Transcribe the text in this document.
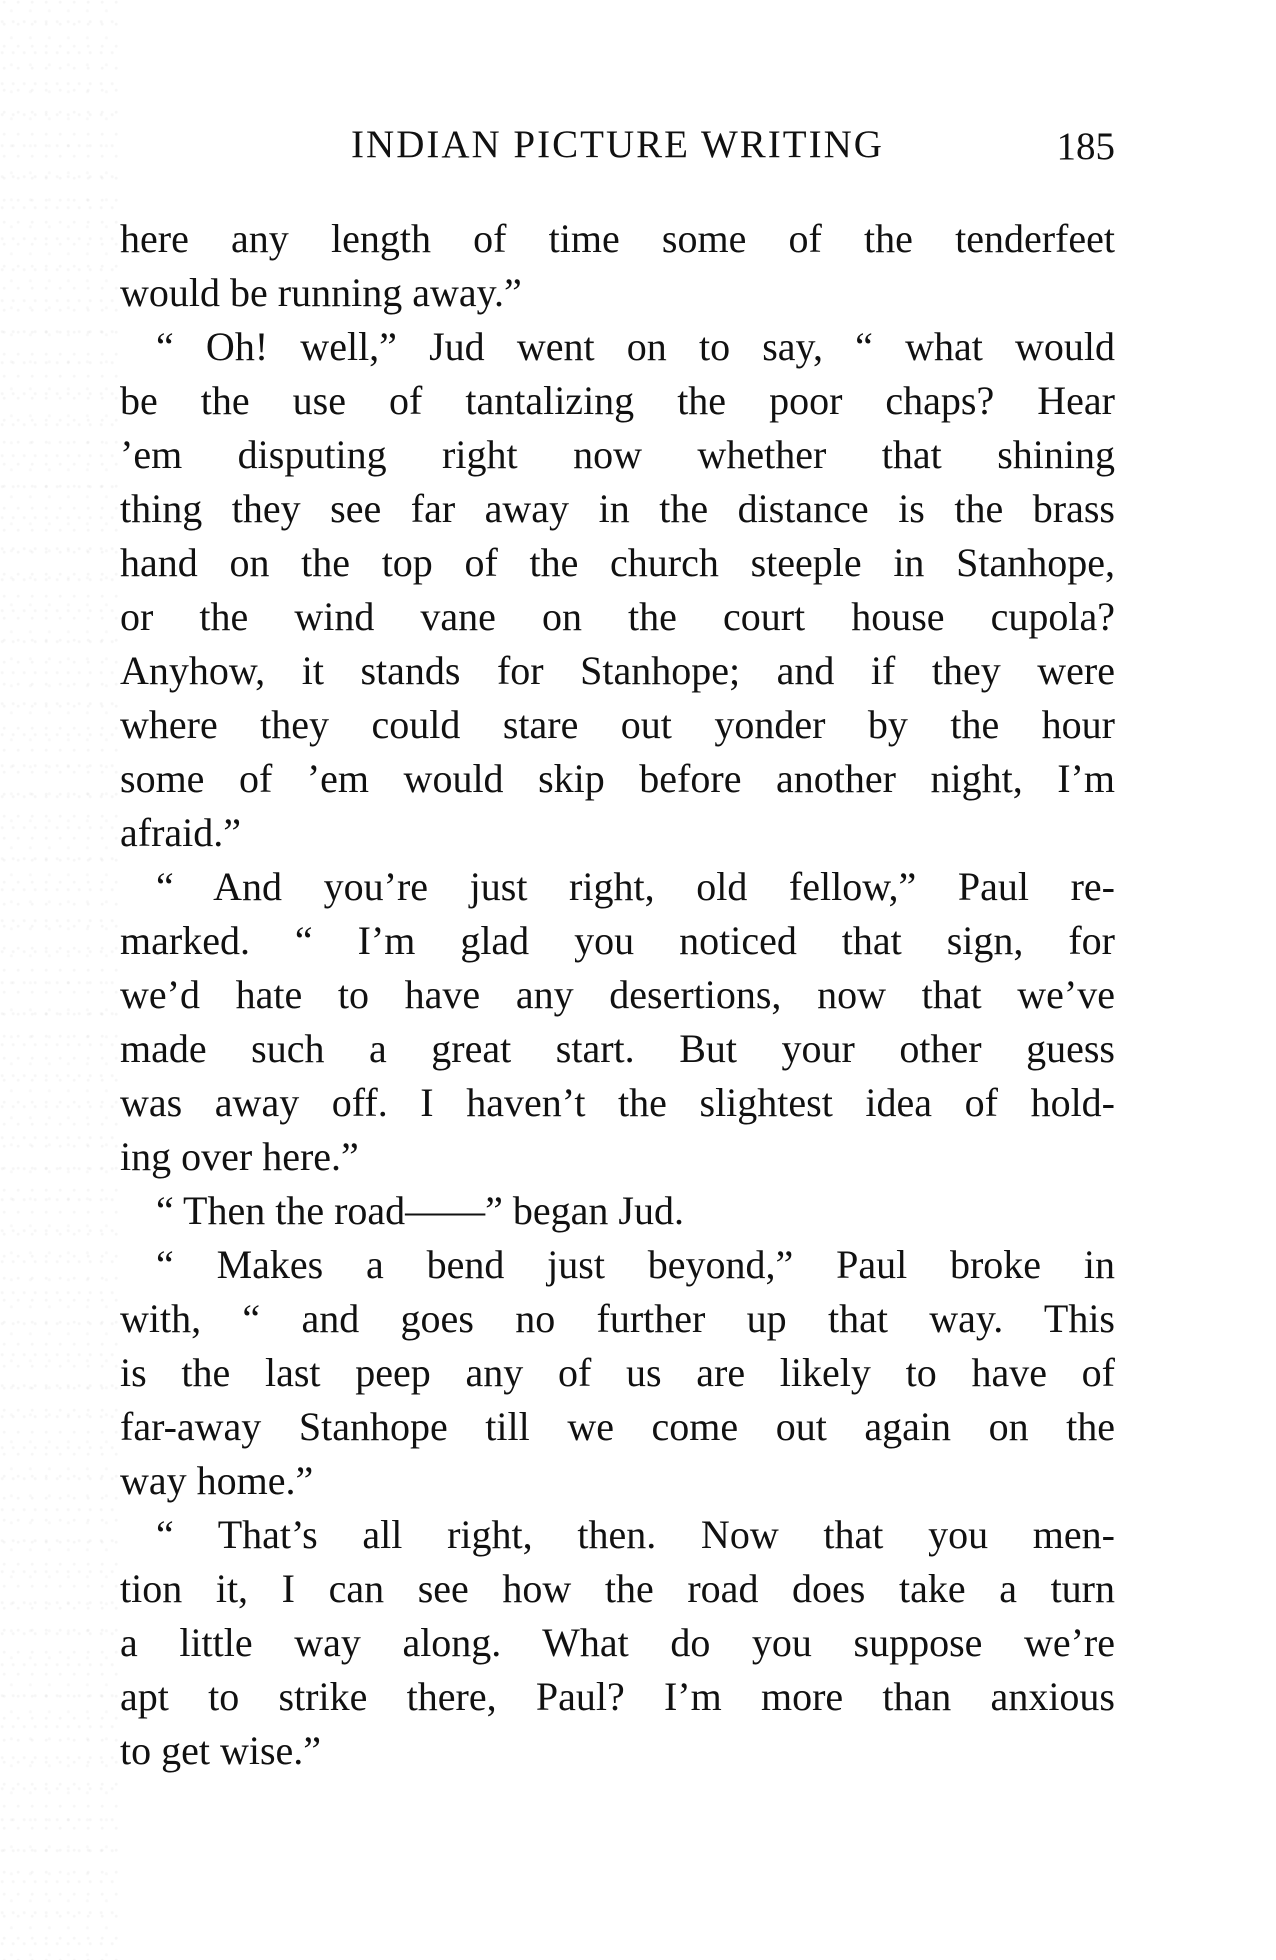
INDIAN PICTURE WRITING	185
here any length of time some of the tenderfeet
would be running away.”
“ Oh! well,” Jud went on to say, “ what would
be the use of tantalizing the poor chaps? Hear
’em disputing right now whether that shining
thing they see far away in the distance is the brass
hand on the top of the church steeple in Stanhope,
or the wind vane on the court house cupola?
Anyhow, it stands for Stanhope; and if they were
where they could stare out yonder by the hour
some of ’em would skip before another night, I’m
afraid.”
“ And you’re just right, old fellow,” Paul re-
marked. “ I’m glad you noticed that sign, for
we’d hate to have any desertions, now that we’ve
made such a great start. But your other guess
was away off. I haven’t the slightest idea of hold-
ing over here.”
“ Then the road——” began Jud.
“ Makes a bend just beyond,” Paul broke in
with, “ and goes no further up that way. This
is the last peep any of us are likely to have of
far-away Stanhope till we come out again on the
way home.”
“ That’s all right, then. Now that you men-
tion it, I can see how the road does take a turn
a little way along. What do you suppose we’re
apt to strike there, Paul? I’m more than anxious
to get wise.”
